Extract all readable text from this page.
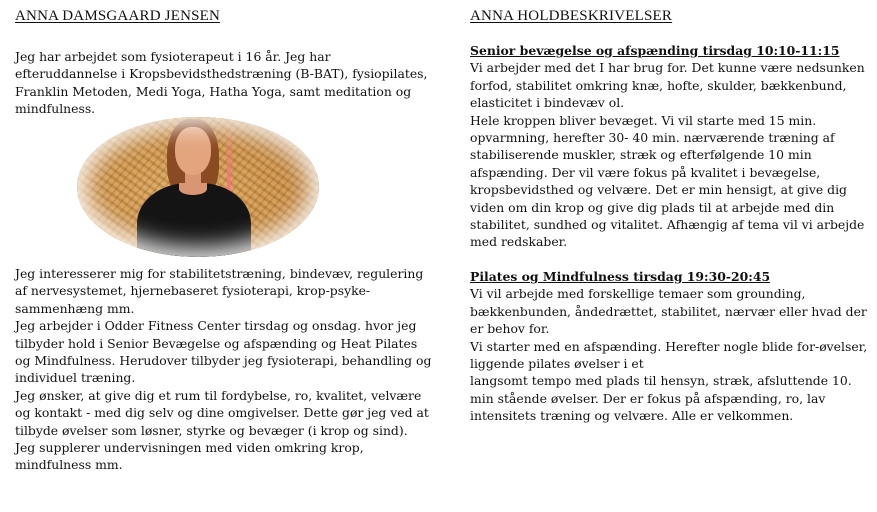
ANNA DAMSGAARD JENSEN

Jeg har arbejdet som fysioterapeut i 16 år. Jeg har efteruddannelse i Kropsbevidsthedstræning (B-BAT), fysiopilates, Franklin Metoden, Medi Yoga, Hatha Yoga, samt meditation og mindfulness.

Jeg interesserer mig for stabilitetstræning, bindevæv, regulering af nervesystemet, hjernebaseret fysioterapi, krop-psyke-sammenhæng mm.

Jeg arbejder i Odder Fitness Center tirsdag og onsdag. hvor jeg tilbyder hold i Senior Bevægelse og afspænding og Heat Pilates og Mindfulness. Herudover tilbyder jeg fysioterapi, behandling og individuel træning.

Jeg ønsker, at give dig et rum til fordybelse, ro, kvalitet, velvære og kontakt - med dig selv og dine omgivelser. Dette gør jeg ved at tilbyde øvelser som løsner, styrke og bevæger (i krop og sind).

Jeg supplerer undervisningen med viden omkring krop, mindfulness mm.

ANNA HOLDBESKRIVELSER

Senior bevægelse og afspænding tirsdag 10:10-11:15

Vi arbejder med det I har brug for. Det kunne være nedsunken forfod, stabilitet omkring knæ, hofte, skulder, bækkenbund, elasticitet i bindevæv ol.

Hele kroppen bliver bevæget. Vi vil starte med 15 min. opvarmning, herefter 30- 40 min. nærværende træning af stabiliserende muskler, stræk og efterfølgende 10 min afspænding. Der vil være fokus på kvalitet i bevægelse, kropsbevidsthed og velvære. Det er min hensigt, at give dig viden om din krop og give dig plads til at arbejde med din stabilitet, sundhed og vitalitet. Afhængig af tema vil vi arbejde med redskaber.

Pilates og Mindfulness tirsdag 19:30-20:45

Vi vil arbejde med forskellige temaer som grounding, bækkenbunden, åndedrættet, stabilitet, nærvær eller hvad der er behov for.

Vi starter med en afspænding. Herefter nogle blide for-øvelser, liggende pilates øvelser i et

langsomt tempo med plads til hensyn, stræk, afsluttende 10. min stående øvelser. Der er fokus på afspænding, ro, lav intensitets træning og velvære. Alle er velkommen.
